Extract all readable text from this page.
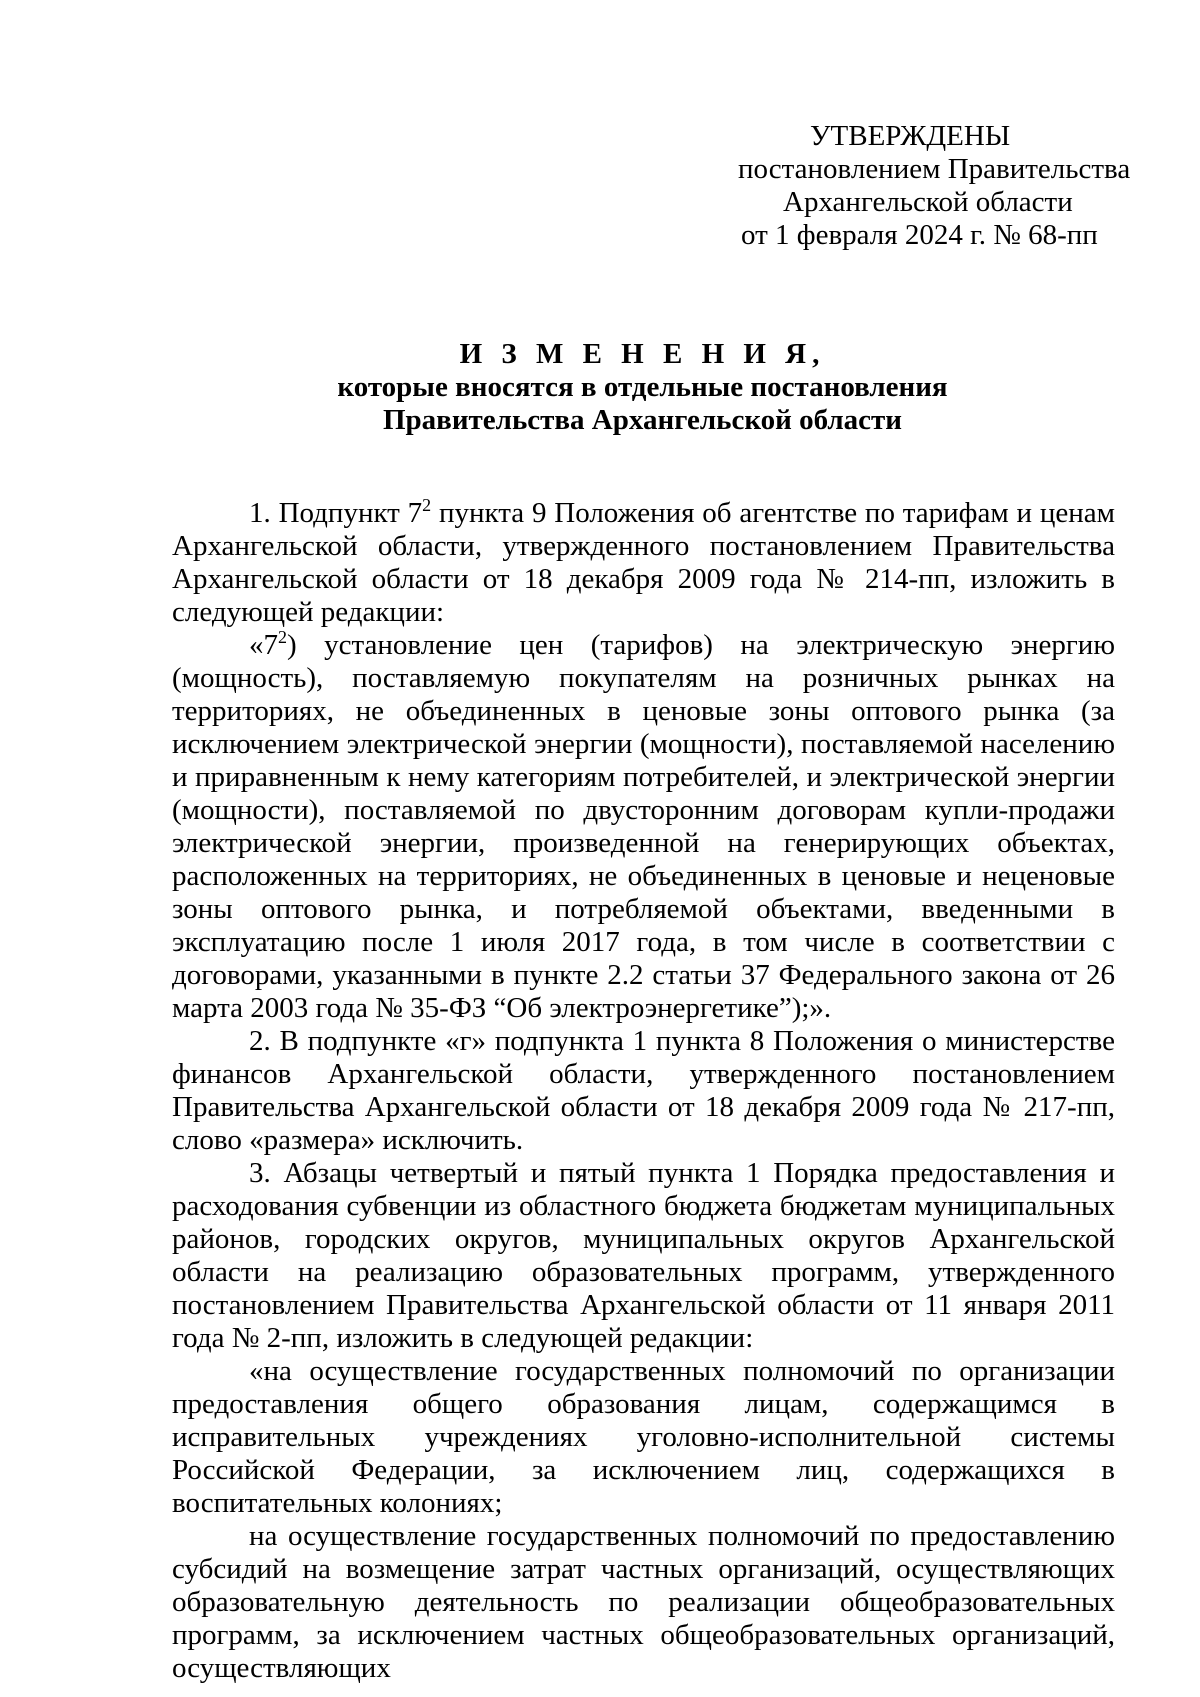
УТВЕРЖДЕНЫ
постановлением Правительства
Архангельской области
от 1 февраля 2024 г. № 68-пп
И З М Е Н Е Н И Я,
которые вносятся в отдельные постановления
Правительства Архангельской области

1. Подпункт $7^2$ пункта 9 Положения об агентстве по тарифам и ценам Архангельской области, утвержденного постановлением Правительства Архангельской области от 18 декабря 2009 года № 214-пп, изложить в следующей редакции:

«$7^2$) установление цен (тарифов) на электрическую энергию (мощность), поставляемую покупателям на розничных рынках на территориях, не объединенных в ценовые зоны оптового рынка (за исключением электрической энергии (мощности), поставляемой населению и приравненным к нему категориям потребителей, и электрической энергии (мощности), поставляемой по двусторонним договорам купли-продажи электрической энергии, произведенной на генерирующих объектах, расположенных на территориях, не объединенных в ценовые и неценовые зоны оптового рынка, и потребляемой объектами, введенными в эксплуатацию после 1 июля 2017 года, в том числе в соответствии с договорами, указанными в пункте 2.2 статьи 37 Федерального закона от 26 марта 2003 года № 35-ФЗ “Об электроэнергетике”);».

2. В подпункте «г» подпункта 1 пункта 8 Положения о министерстве финансов Архангельской области, утвержденного постановлением Правительства Архангельской области от 18 декабря 2009 года № 217-пп, слово «размера» исключить.

3. Абзацы четвертый и пятый пункта 1 Порядка предоставления и расходования субвенции из областного бюджета бюджетам муниципальных районов, городских округов, муниципальных округов Архангельской области на реализацию образовательных программ, утвержденного постановлением Правительства Архангельской области от 11 января 2011 года № 2-пп, изложить в следующей редакции:

«на осуществление государственных полномочий по организации предоставления общего образования лицам, содержащимся в исправительных учреждениях уголовно-исполнительной системы Российской Федерации, за исключением лиц, содержащихся в воспитательных колониях;

на осуществление государственных полномочий по предоставлению субсидий на возмещение затрат частных организаций, осуществляющих образовательную деятельность по реализации общеобразовательных программ, за исключением частных общеобразовательных организаций, осуществляющих
